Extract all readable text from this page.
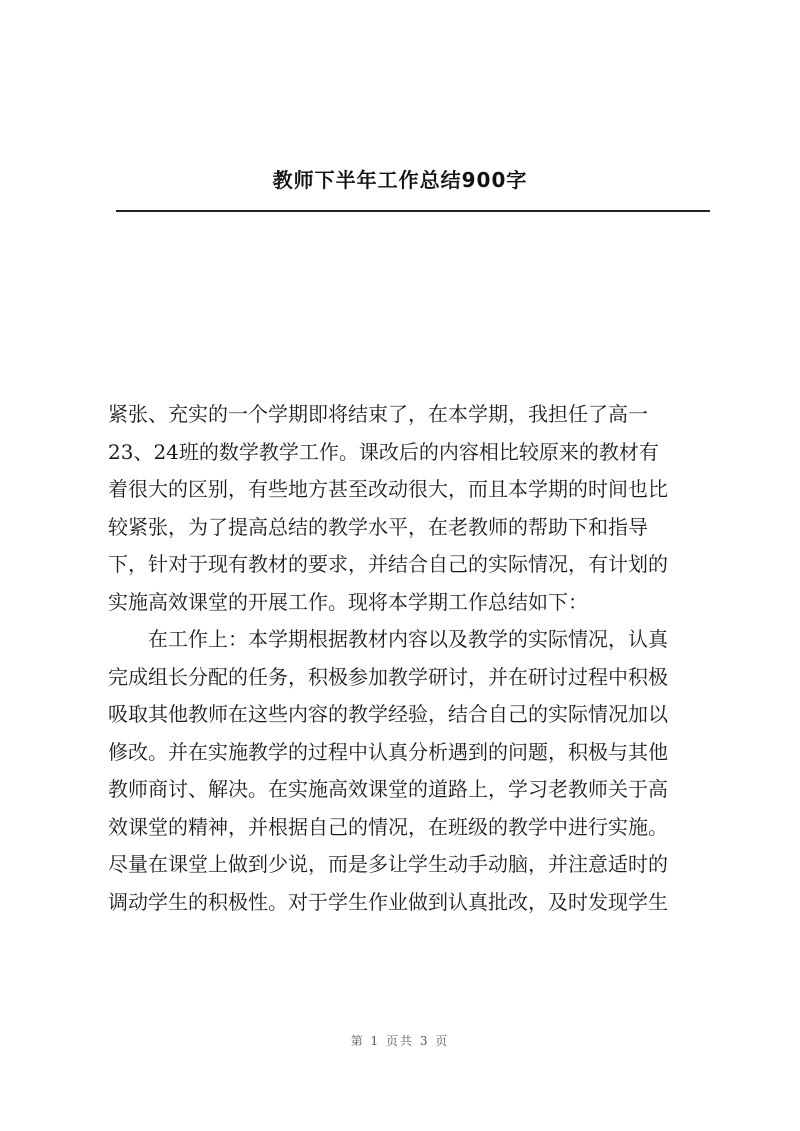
教师下半年工作总结900字

紧张、充实的一个学期即将结束了，在本学期，我担任了高一

23、24班的数学教学工作。课改后的内容相比较原来的教材有

着很大的区别，有些地方甚至改动很大，而且本学期的时间也比

较紧张，为了提高总结的教学水平，在老教师的帮助下和指导

下，针对于现有教材的要求，并结合自己的实际情况，有计划的

实施高效课堂的开展工作。现将本学期工作总结如下：

　　在工作上：本学期根据教材内容以及教学的实际情况，认真

完成组长分配的任务，积极参加教学研讨，并在研讨过程中积极

吸取其他教师在这些内容的教学经验，结合自己的实际情况加以

修改。并在实施教学的过程中认真分析遇到的问题，积极与其他

教师商讨、解决。在实施高效课堂的道路上，学习老教师关于高

效课堂的精神，并根据自己的情况，在班级的教学中进行实施。

尽量在课堂上做到少说，而是多让学生动手动脑，并注意适时的

调动学生的积极性。对于学生作业做到认真批改，及时发现学生

第 1 页共 3 页
